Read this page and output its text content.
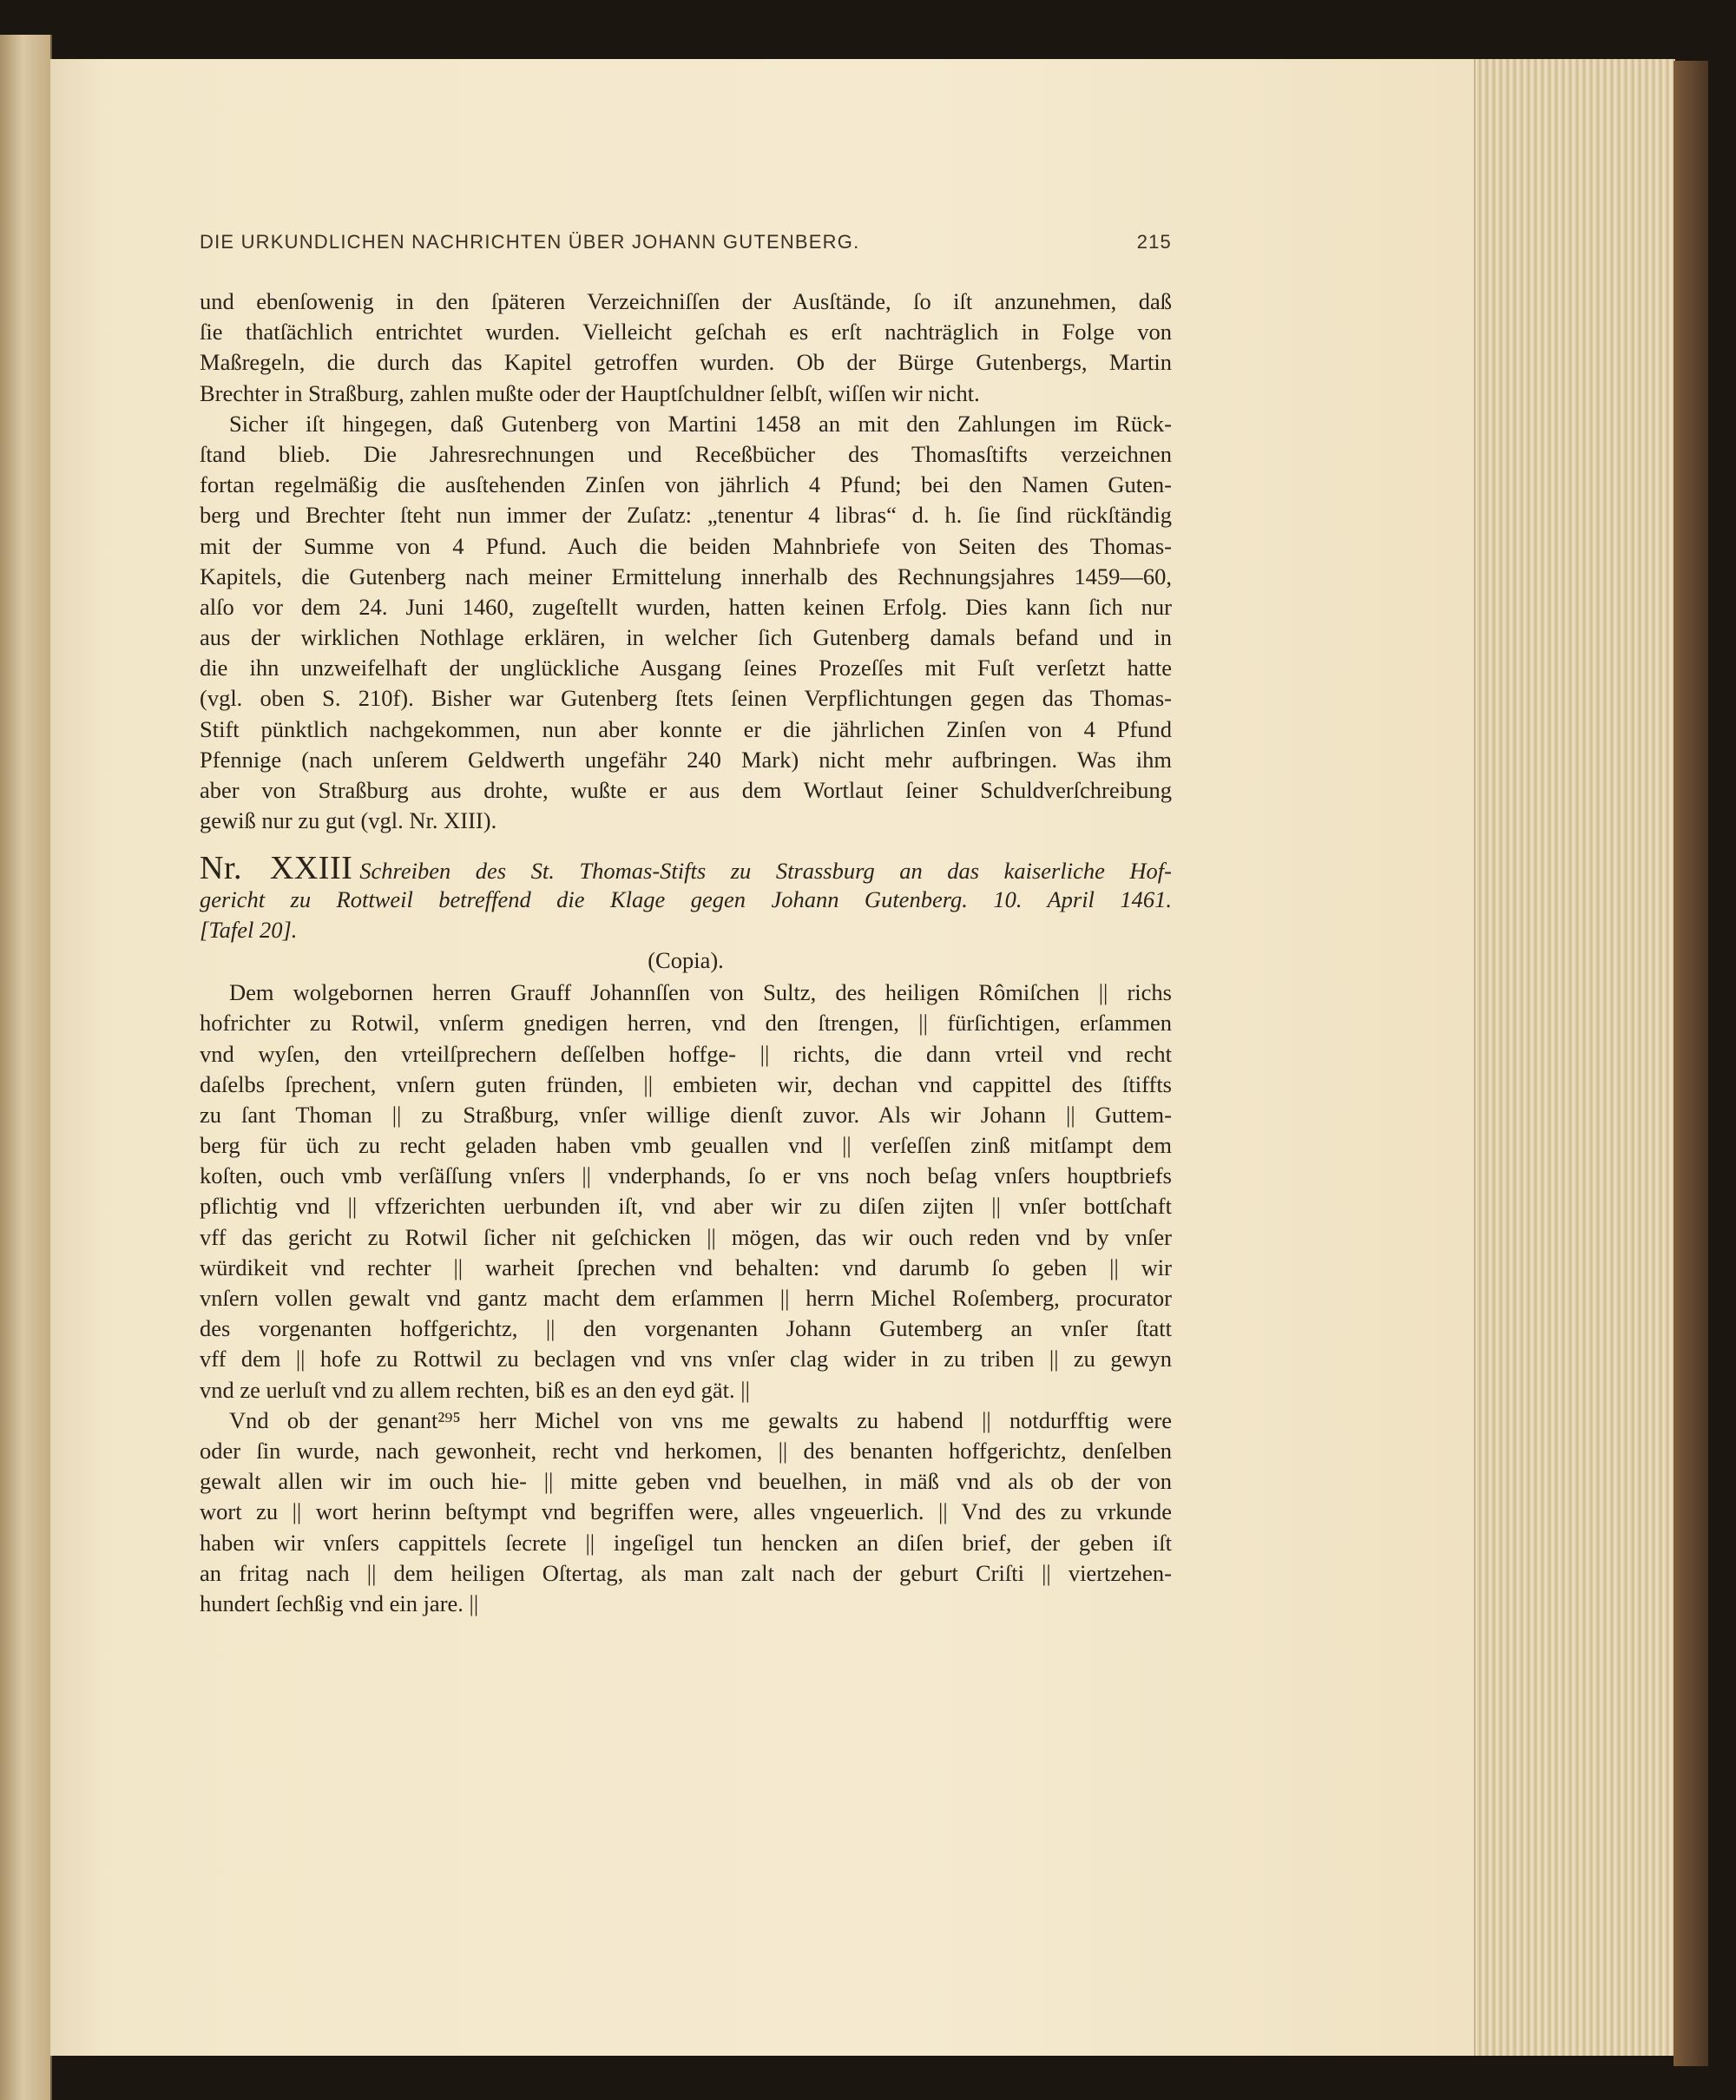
DIE URKUNDLICHEN NACHRICHTEN ÜBER JOHANN GUTENBERG.	215
und ebenſowenig in den ſpäteren Verzeichniſſen der Ausſtände, ſo iſt anzunehmen, daß
ſie thatſächlich entrichtet wurden. Vielleicht geſchah es erſt nachträglich in Folge von
Maßregeln, die durch das Kapitel getroffen wurden. Ob der Bürge Gutenbergs, Martin
Brechter in Straßburg, zahlen mußte oder der Hauptſchuldner ſelbſt, wiſſen wir nicht.
Sicher iſt hingegen, daß Gutenberg von Martini 1458 an mit den Zahlungen im Rück-
ſtand blieb. Die Jahresrechnungen und Receßbücher des Thomasſtifts verzeichnen
fortan regelmäßig die ausſtehenden Zinſen von jährlich 4 Pfund; bei den Namen Guten-
berg und Brechter ſteht nun immer der Zuſatz: „tenentur 4 libras“ d. h. ſie ſind rückſtändig
mit der Summe von 4 Pfund. Auch die beiden Mahnbriefe von Seiten des Thomas-
Kapitels, die Gutenberg nach meiner Ermittelung innerhalb des Rechnungsjahres 1459—60,
alſo vor dem 24. Juni 1460, zugeſtellt wurden, hatten keinen Erfolg. Dies kann ſich nur
aus der wirklichen Nothlage erklären, in welcher ſich Gutenberg damals befand und in
die ihn unzweifelhaft der unglückliche Ausgang ſeines Prozeſſes mit Fuſt verſetzt hatte
(vgl. oben S. 210f). Bisher war Gutenberg ſtets ſeinen Verpflichtungen gegen das Thomas-
Stift pünktlich nachgekommen, nun aber konnte er die jährlichen Zinſen von 4 Pfund
Pfennige (nach unſerem Geldwerth ungefähr 240 Mark) nicht mehr aufbringen. Was ihm
aber von Straßburg aus drohte, wußte er aus dem Wortlaut ſeiner Schuldverſchreibung
gewiß nur zu gut (vgl. Nr. XIII).
Nr. XXIII Schreiben des St. Thomas-Stifts zu Strassburg an das kaiserliche Hof-
gericht zu Rottweil betreffend die Klage gegen Johann Gutenberg. 10. April 1461.
[Tafel 20].
(Copia).
Dem wolgebornen herren Grauff Johannſſen von Sultz, des heiligen Rômiſchen || richs
hofrichter zu Rotwil, vnſerm gnedigen herren, vnd den ſtrengen, || fürſichtigen, erſammen
vnd wyſen, den vrteilſprechern deſſelben hoffge- || richts, die dann vrteil vnd recht
daſelbs ſprechent, vnſern guten fründen, || embieten wir, dechan vnd cappittel des ſtiffts
zu ſant Thoman || zu Straßburg, vnſer willige dienſt zuvor. Als wir Johann || Guttem-
berg für üch zu recht geladen haben vmb geuallen vnd || verſeſſen zinß mitſampt dem
koſten, ouch vmb verſäſſung vnſers || vnderphands, ſo er vns noch beſag vnſers houptbriefs
pflichtig vnd || vffzerichten uerbunden iſt, vnd aber wir zu diſen zijten || vnſer bottſchaft
vff das gericht zu Rotwil ſicher nit geſchicken || mögen, das wir ouch reden vnd by vnſer
würdikeit vnd rechter || warheit ſprechen vnd behalten: vnd darumb ſo geben || wir
vnſern vollen gewalt vnd gantz macht dem erſammen || herrn Michel Roſemberg, procurator
des vorgenanten hoffgerichtz, || den vorgenanten Johann Gutemberg an vnſer ſtatt
vff dem || hofe zu Rottwil zu beclagen vnd vns vnſer clag wider in zu triben || zu gewyn
vnd ze uerluſt vnd zu allem rechten, biß es an den eyd gät. ||
Vnd ob der genant²⁹⁵ herr Michel von vns me gewalts zu habend || notdurfftig were
oder ſin wurde, nach gewonheit, recht vnd herkomen, || des benanten hoffgerichtz, denſelben
gewalt allen wir im ouch hie- || mitte geben vnd beuelhen, in mäß vnd als ob der von
wort zu || wort herinn beſtympt vnd begriffen were, alles vngeuerlich. || Vnd des zu vrkunde
haben wir vnſers cappittels ſecrete || ingeſigel tun hencken an diſen brief, der geben iſt
an fritag nach || dem heiligen Oſtertag, als man zalt nach der geburt Criſti || viertzehen-
hundert ſechßig vnd ein jare. ||
